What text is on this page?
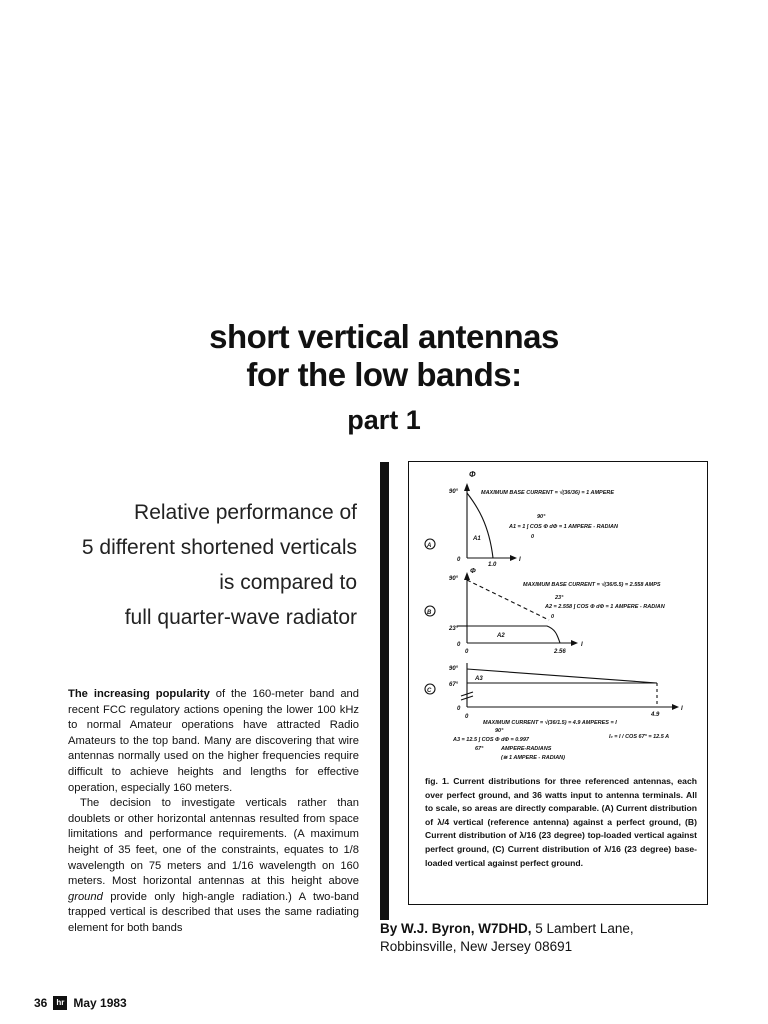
short vertical antennas
for the low bands:
part 1
Relative performance of
5 different shortened verticals
is compared to
full quarter-wave radiator

The increasing popularity of the 160-meter band and recent FCC regulatory actions opening the lower 100 kHz to normal Amateur operations have attracted Radio Amateurs to the top band. Many are discovering that wire antennas normally used on the higher frequencies require difficult to achieve heights and lengths for effective operation, especially 160 meters.

The decision to investigate verticals rather than doublets or other horizontal antennas resulted from space limitations and performance requirements. (A maximum height of 35 feet, one of the constraints, equates to 1/8 wavelength on 75 meters and 1/16 wavelength on 160 meters. Most horizontal antennas at this height above ground provide only high-angle radiation.) A two-band trapped vertical is described that uses the same radiating element for both bands

Φ
90°	MAXIMUM BASE CURRENT = √(36/36) = 1 AMPERE
90°
A1 = 1 ∫ COS Φ dΦ = 1 AMPERE - RADIAN
0
A1
A
0
1.0
I
Φ
90°
MAXIMUM BASE CURRENT = √(36/5.5) = 2.558 AMPS
23°
A2 = 2.558 ∫ COS Φ dΦ = 1 AMPERE - RADIAN
0
B
23°
A2
0
0	2.56
I
90°
67°
A3
C
0
0	4.9
I
MAXIMUM CURRENT = √(36/1.5) = 4.9 AMPERES = I
I₀ = I / COS 67° = 12.5 A
90°
A3 = 12.5 ∫ COS Φ dΦ = 0.997
67°	AMPERE-RADIANS
(≅ 1 AMPERE - RADIAN)
fig. 1. Current distributions for three referenced antennas, each over perfect ground, and 36 watts input to antenna terminals. All to scale, so areas are directly comparable. (A) Current distribution of λ/4 vertical (reference antenna) against a perfect ground, (B) Current distribution of λ/16 (23 degree) top-loaded vertical against perfect ground, (C) Current distribution of λ/16 (23 degree) base-loaded vertical against perfect ground.
By W.J. Byron, W7DHD, 5 Lambert Lane, Robbinsville, New Jersey 08691
36	hr May 1983
